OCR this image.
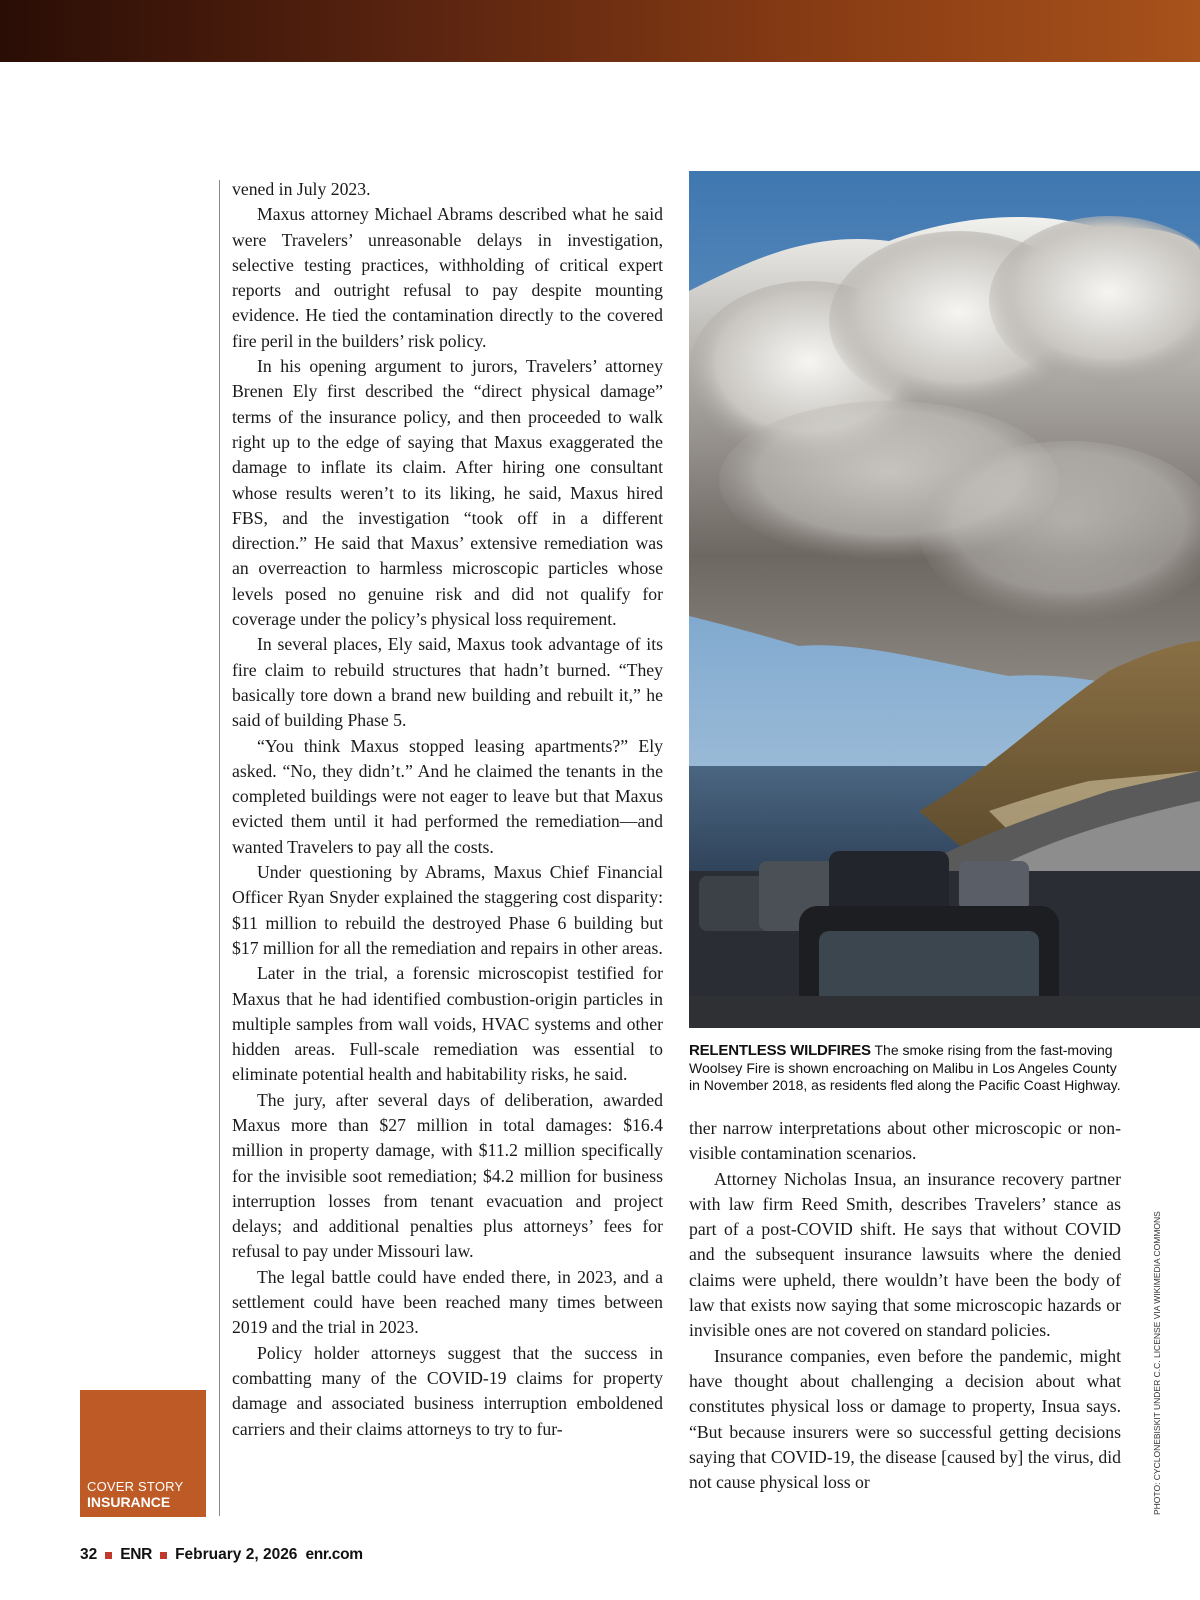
vened in July 2023.

Maxus attorney Michael Abrams described what he said were Travelers’ unreasonable delays in investigation, selective testing practices, withholding of critical expert reports and outright refusal to pay despite mounting evidence. He tied the contamination directly to the covered fire peril in the builders’ risk policy.

In his opening argument to jurors, Travelers’ attorney Brenen Ely first described the “direct physical damage” terms of the insurance policy, and then proceeded to walk right up to the edge of saying that Maxus exaggerated the damage to inflate its claim. After hiring one consultant whose results weren’t to its liking, he said, Maxus hired FBS, and the investigation “took off in a different direction.” He said that Maxus’ extensive remediation was an overreaction to harmless microscopic particles whose levels posed no genuine risk and did not qualify for coverage under the policy’s physical loss requirement.

In several places, Ely said, Maxus took advantage of its fire claim to rebuild structures that hadn’t burned. “They basically tore down a brand new building and rebuilt it,” he said of building Phase 5.

“You think Maxus stopped leasing apartments?” Ely asked. “No, they didn’t.” And he claimed the tenants in the completed buildings were not eager to leave but that Maxus evicted them until it had performed the remediation—and wanted Travelers to pay all the costs.

Under questioning by Abrams, Maxus Chief Financial Officer Ryan Snyder explained the staggering cost disparity: $11 million to rebuild the destroyed Phase 6 building but $17 million for all the remediation and repairs in other areas.

Later in the trial, a forensic microscopist testified for Maxus that he had identified combustion-origin particles in multiple samples from wall voids, HVAC systems and other hidden areas. Full-scale remediation was essential to eliminate potential health and habitability risks, he said.

The jury, after several days of deliberation, awarded Maxus more than $27 million in total damages: $16.4 million in property damage, with $11.2 million specifically for the invisible soot remediation; $4.2 million for business interruption losses from tenant evacuation and project delays; and additional penalties plus attorneys’ fees for refusal to pay under Missouri law.

The legal battle could have ended there, in 2023, and a settlement could have been reached many times between 2019 and the trial in 2023.

Policy holder attorneys suggest that the success in combatting many of the COVID-19 claims for property damage and associated business interruption emboldened carriers and their claims attorneys to try to fur-

RELENTLESS WILDFIRES The smoke rising from the fast-moving Woolsey Fire is shown encroaching on Malibu in Los Angeles County in November 2018, as residents fled along the Pacific Coast Highway.

ther narrow interpretations about other microscopic or non-visible contamination scenarios.

Attorney Nicholas Insua, an insurance recovery partner with law firm Reed Smith, describes Travelers’ stance as part of a post-COVID shift. He says that without COVID and the subsequent insurance lawsuits where the denied claims were upheld, there wouldn’t have been the body of law that exists now saying that some microscopic hazards or invisible ones are not covered on standard policies.

Insurance companies, even before the pandemic, might have thought about challenging a decision about what constitutes physical loss or damage to property, Insua says. “But because insurers were so successful getting decisions saying that COVID-19, the disease [caused by] the virus, did not cause physical loss or	PHOTO: CYCLONEBISKIT UNDER C.C. LICENSE VIA WIKIMEDIA COMMONS
COVER STORY
INSURANCE
32 ENR February 2, 2026 enr.com
